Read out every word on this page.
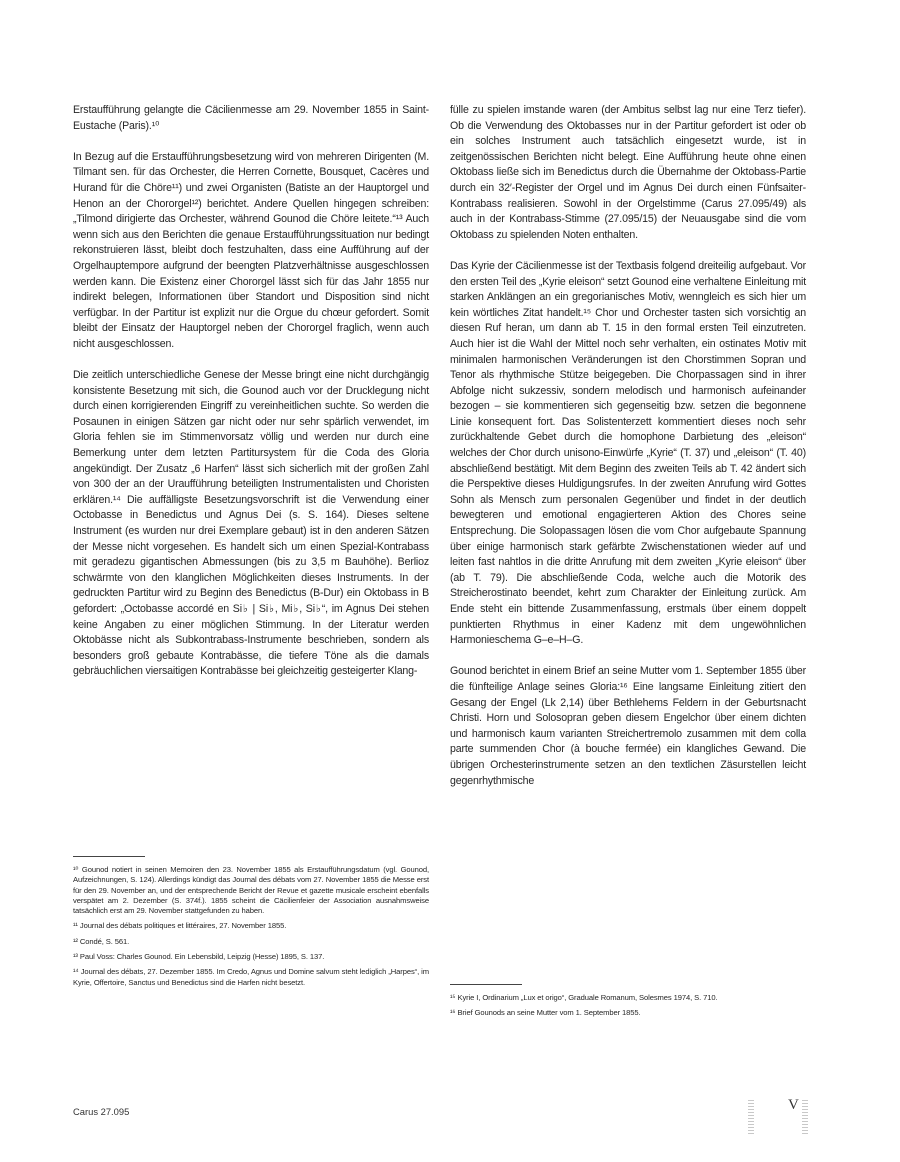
Erstaufführung gelangte die Cäcilienmesse am 29. November 1855 in Saint-Eustache (Paris).¹⁰

In Bezug auf die Erstaufführungsbesetzung wird von mehreren Dirigenten (M. Tilmant sen. für das Orchester, die Herren Cornette, Bousquet, Cacères und Hurand für die Chöre¹¹) und zwei Organisten (Batiste an der Hauptorgel und Henon an der Chororgel¹²) berichtet. Andere Quellen hingegen schreiben: „Tilmond dirigierte das Orchester, während Gounod die Chöre leitete.“¹³ Auch wenn sich aus den Berichten die genaue Erstaufführungssituation nur bedingt rekonstruieren lässt, bleibt doch festzuhalten, dass eine Aufführung auf der Orgelhauptempore aufgrund der beengten Platzverhältnisse ausgeschlossen werden kann. Die Existenz einer Chororgel lässt sich für das Jahr 1855 nur indirekt belegen, Informationen über Standort und Disposition sind nicht verfügbar. In der Partitur ist explizit nur die Orgue du chœur gefordert. Somit bleibt der Einsatz der Hauptorgel neben der Chororgel fraglich, wenn auch nicht ausgeschlossen.

Die zeitlich unterschiedliche Genese der Messe bringt eine nicht durchgängig konsistente Besetzung mit sich, die Gounod auch vor der Drucklegung nicht durch einen korrigierenden Eingriff zu vereinheitlichen suchte. So werden die Posaunen in einigen Sätzen gar nicht oder nur sehr spärlich verwendet, im Gloria fehlen sie im Stimmenvorsatz völlig und werden nur durch eine Bemerkung unter dem letzten Partitursystem für die Coda des Gloria angekündigt. Der Zusatz „6 Harfen“ lässt sich sicherlich mit der großen Zahl von 300 der an der Uraufführung beteiligten Instrumentalisten und Choristen erklären.¹⁴ Die auffälligste Besetzungsvorschrift ist die Verwendung einer Octobasse in Benedictus und Agnus Dei (s. S. 164). Dieses seltene Instrument (es wurden nur drei Exemplare gebaut) ist in den anderen Sätzen der Messe nicht vorgesehen. Es handelt sich um einen Spezial-Kontrabass mit geradezu gigantischen Abmessungen (bis zu 3,5 m Bauhöhe). Berlioz schwärmte von den klanglichen Möglichkeiten dieses Instruments. In der gedruckten Partitur wird zu Beginn des Benedictus (B-Dur) ein Oktobass in B gefordert: „Octobasse accordé en Si♭ | Si♭, Mi♭, Si♭“, im Agnus Dei stehen keine Angaben zu einer möglichen Stimmung. In der Literatur werden Oktobässe nicht als Subkontrabass-Instrumente beschrieben, sondern als besonders groß gebaute Kontrabässe, die tiefere Töne als die damals gebräuchlichen viersaitigen Kontrabässe bei gleichzeitig gesteigerter Klang-

fülle zu spielen imstande waren (der Ambitus selbst lag nur eine Terz tiefer). Ob die Verwendung des Oktobasses nur in der Partitur gefordert ist oder ob ein solches Instrument auch tatsächlich eingesetzt wurde, ist in zeitgenössischen Berichten nicht belegt. Eine Aufführung heute ohne einen Oktobass ließe sich im Benedictus durch die Übernahme der Oktobass-Partie durch ein 32′-Register der Orgel und im Agnus Dei durch einen Fünfsaiter-Kontrabass realisieren. Sowohl in der Orgelstimme (Carus 27.095/49) als auch in der Kontrabass-Stimme (27.095/15) der Neuausgabe sind die vom Oktobass zu spielenden Noten enthalten.

Das Kyrie der Cäcilienmesse ist der Textbasis folgend dreiteilig aufgebaut. Vor den ersten Teil des „Kyrie eleison“ setzt Gounod eine verhaltene Einleitung mit starken Anklängen an ein gregorianisches Motiv, wenngleich es sich hier um kein wörtliches Zitat handelt.¹⁵ Chor und Orchester tasten sich vorsichtig an diesen Ruf heran, um dann ab T. 15 in den formal ersten Teil einzutreten. Auch hier ist die Wahl der Mittel noch sehr verhalten, ein ostinates Motiv mit minimalen harmonischen Veränderungen ist den Chorstimmen Sopran und Tenor als rhythmische Stütze beigegeben. Die Chorpassagen sind in ihrer Abfolge nicht sukzessiv, sondern melodisch und harmonisch aufeinander bezogen – sie kommentieren sich gegenseitig bzw. setzen die begonnene Linie konsequent fort. Das Solistenterzett kommentiert dieses noch sehr zurückhaltende Gebet durch die homophone Darbietung des „eleison“ welches der Chor durch unisono-Einwürfe „Kyrie“ (T. 37) und „eleison“ (T. 40) abschließend bestätigt. Mit dem Beginn des zweiten Teils ab T. 42 ändert sich die Perspektive dieses Huldigungsrufes. In der zweiten Anrufung wird Gottes Sohn als Mensch zum personalen Gegenüber und findet in der deutlich bewegteren und emotional engagierteren Aktion des Chores seine Entsprechung. Die Solopassagen lösen die vom Chor aufgebaute Spannung über einige harmonisch stark gefärbte Zwischenstationen wieder auf und leiten fast nahtlos in die dritte Anrufung mit dem zweiten „Kyrie eleison“ über (ab T. 79). Die abschließende Coda, welche auch die Motorik des Streicherostinato beendet, kehrt zum Charakter der Einleitung zurück. Am Ende steht ein bittende Zusammenfassung, erstmals über einem doppelt punktierten Rhythmus in einer Kadenz mit dem ungewöhnlichen Harmonieschema G–e–H–G.

Gounod berichtet in einem Brief an seine Mutter vom 1. September 1855 über die fünfteilige Anlage seines Gloria:¹⁶ Eine langsame Einleitung zitiert den Gesang der Engel (Lk 2,14) über Bethlehems Feldern in der Geburtsnacht Christi. Horn und Solosopran geben diesem Engelchor über einem dichten und harmonisch kaum varianten Streichertremolo zusammen mit dem colla parte summenden Chor (à bouche fermée) ein klangliches Gewand. Die übrigen Orchesterinstrumente setzen an den textlichen Zäsurstellen leicht gegenrhythmische

¹⁰ Gounod notiert in seinen Memoiren den 23. November 1855 als Erstaufführungsdatum (vgl. Gounod, Aufzeichnungen, S. 124). Allerdings kündigt das Journal des débats vom 27. November 1855 die Messe erst für den 29. November an, und der entsprechende Bericht der Revue et gazette musicale erscheint ebenfalls verspätet am 2. Dezember (S. 374f.). 1855 scheint die Cäcilienfeier der Association ausnahmsweise tatsächlich erst am 29. November stattgefunden zu haben.

¹¹ Journal des débats politiques et littéraires, 27. November 1855.

¹² Condé, S. 561.

¹³ Paul Voss: Charles Gounod. Ein Lebensbild, Leipzig (Hesse) 1895, S. 137.

¹⁴ Journal des débats, 27. Dezember 1855. Im Credo, Agnus und Domine salvum steht lediglich „Harpes“, im Kyrie, Offertoire, Sanctus und Benedictus sind die Harfen nicht besetzt.

¹⁵ Kyrie I, Ordinarium „Lux et origo“, Graduale Romanum, Solesmes 1974, S. 710.

¹⁶ Brief Gounods an seine Mutter vom 1. September 1855.

Carus 27.095	V
